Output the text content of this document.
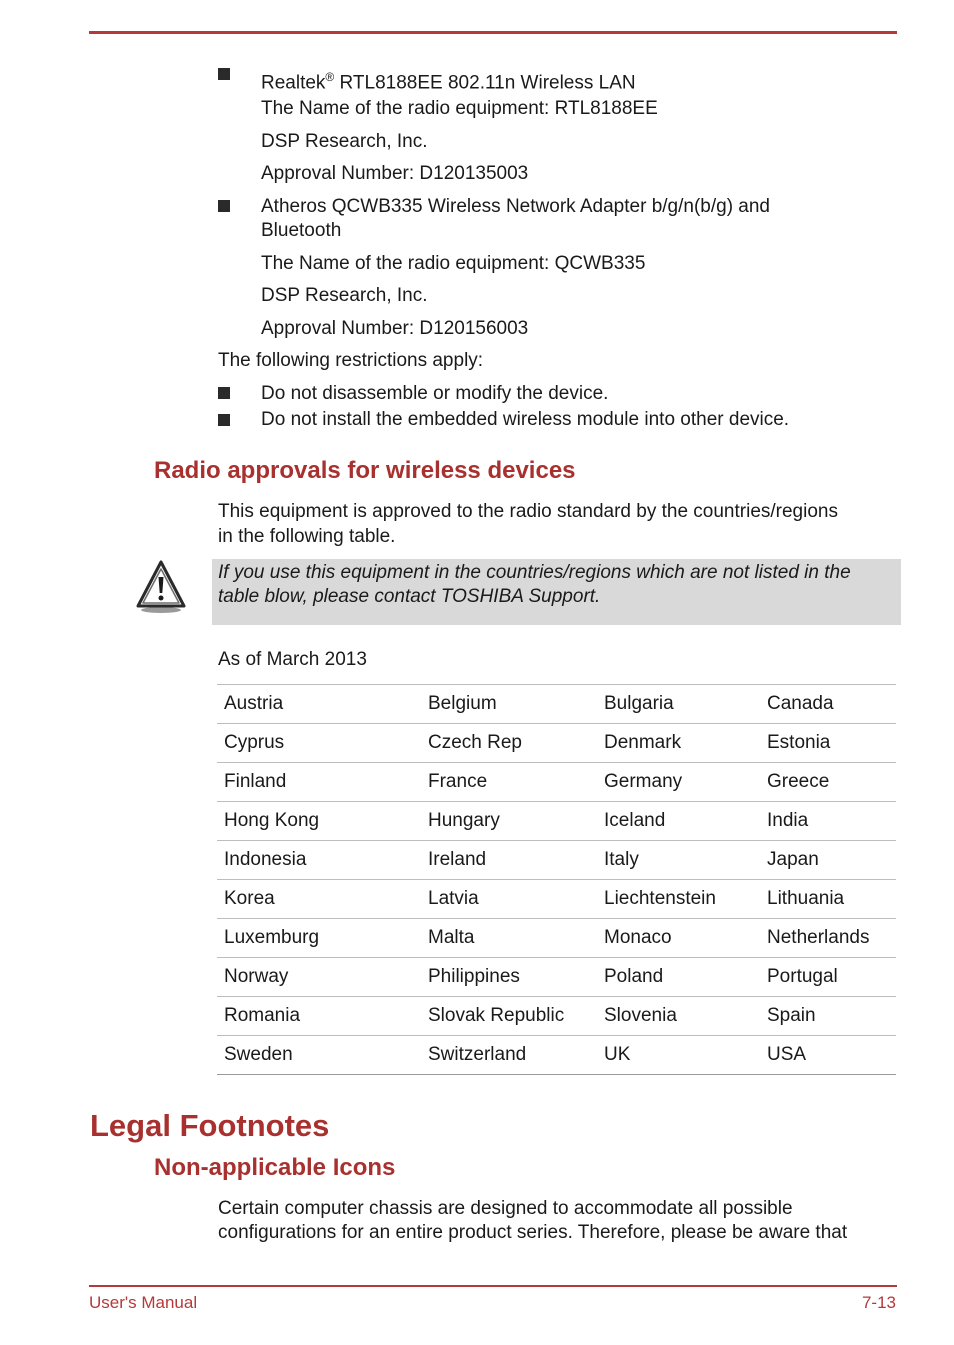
Realtek® RTL8188EE 802.11n Wireless LAN
The Name of the radio equipment: RTL8188EE
DSP Research, Inc.
Approval Number: D120135003
Atheros QCWB335 Wireless Network Adapter b/g/n(b/g) and
Bluetooth
The Name of the radio equipment: QCWB335
DSP Research, Inc.
Approval Number: D120156003
The following restrictions apply:
Do not disassemble or modify the device.
Do not install the embedded wireless module into other device.
Radio approvals for wireless devices
This equipment is approved to the radio standard by the countries/regions
in the following table.
If you use this equipment in the countries/regions which are not listed in the
table blow, please contact TOSHIBA Support.
As of March 2013
Austria	Belgium	Bulgaria	Canada
Cyprus	Czech Rep	Denmark	Estonia
Finland	France	Germany	Greece
Hong Kong	Hungary	Iceland	India
Indonesia	Ireland	Italy	Japan
Korea	Latvia	Liechtenstein	Lithuania
Luxemburg	Malta	Monaco	Netherlands
Norway	Philippines	Poland	Portugal
Romania	Slovak Republic	Slovenia	Spain
Sweden	Switzerland	UK	USA
Legal Footnotes
Non-applicable Icons
Certain computer chassis are designed to accommodate all possible
configurations for an entire product series. Therefore, please be aware that
User's Manual	7-13
